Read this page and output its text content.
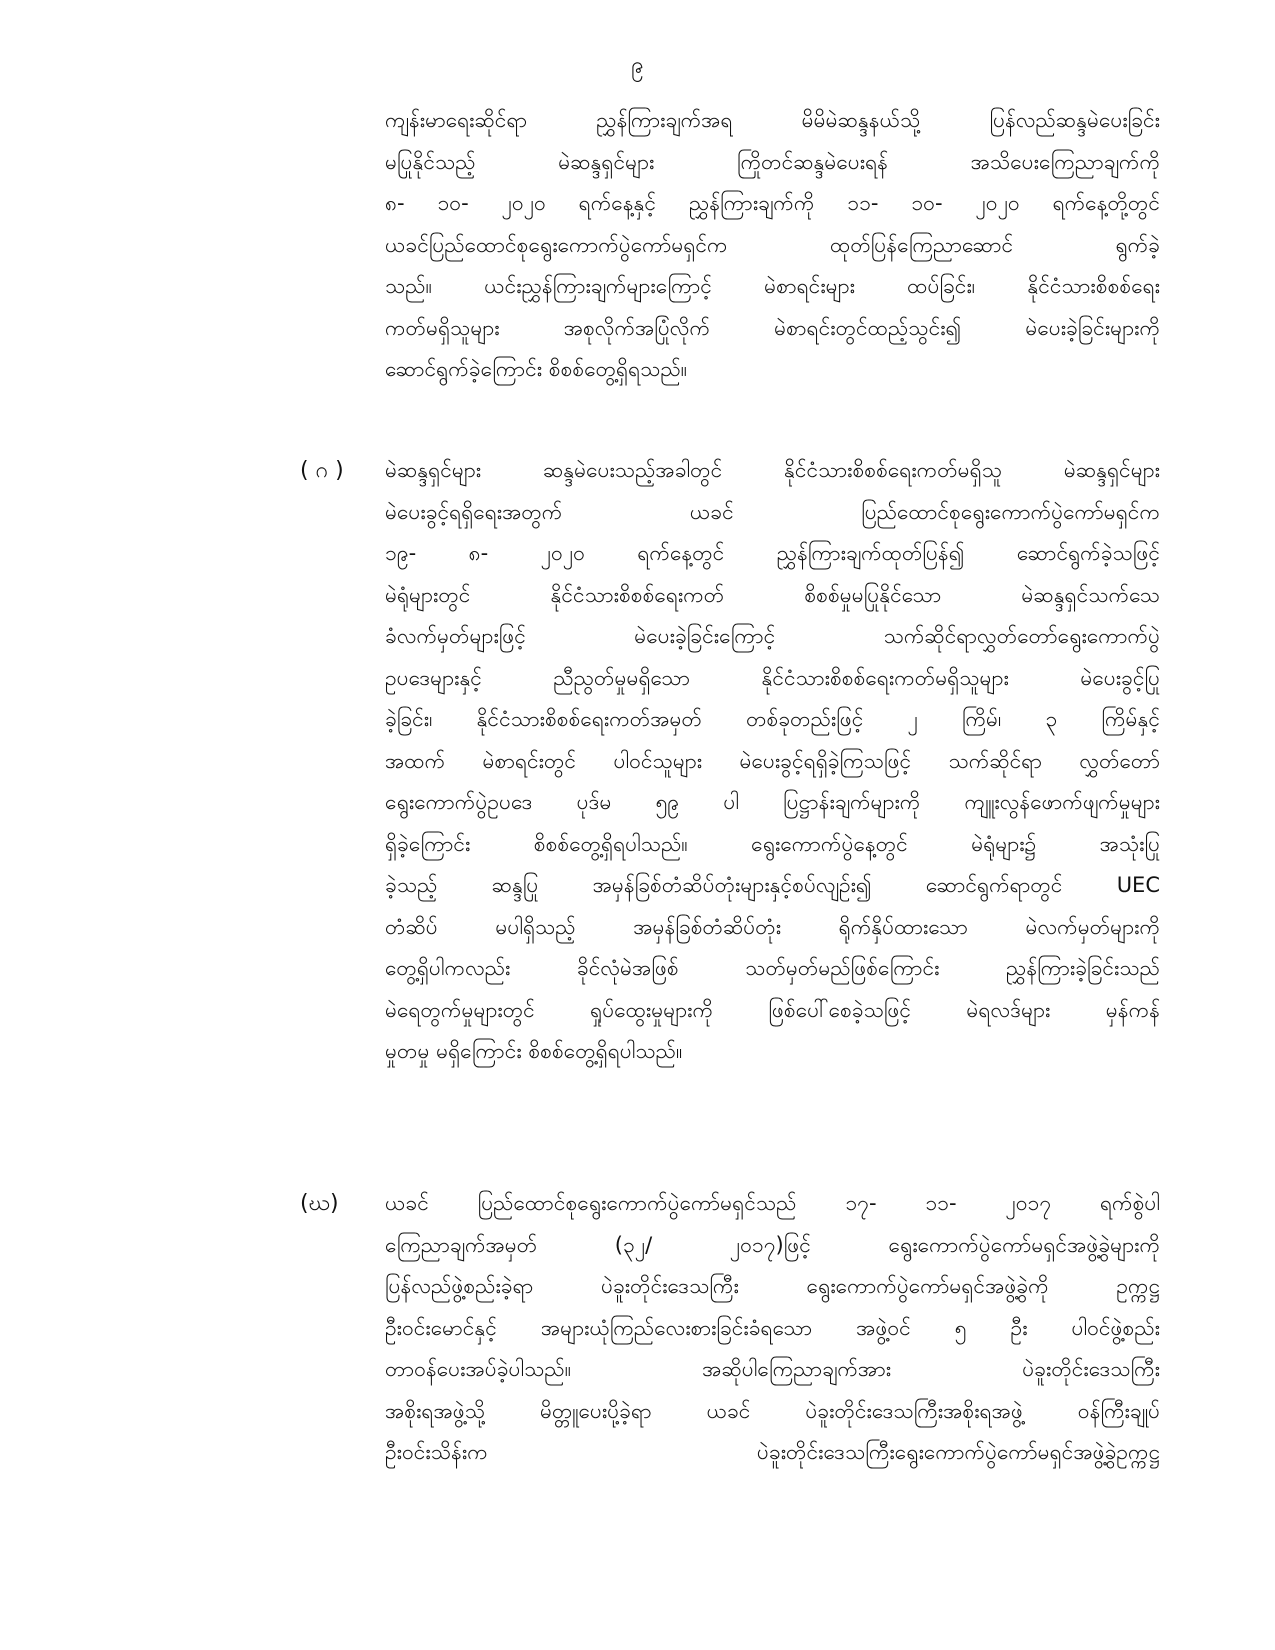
၉
ကျန်းမာရေးဆိုင်ရာ ညွှန်ကြားချက်အရ မိမိမဲဆန္ဒနယ်သို့ ပြန်လည်ဆန္ဒမဲပေးခြင်း
မပြုနိုင်သည့် မဲဆန္ဒရှင်များ ကြိုတင်ဆန္ဒမဲပေးရန် အသိပေးကြေညာချက်ကို
၈- ၁၀- ၂၀၂၀ ရက်နေ့နှင့် ညွှန်ကြားချက်ကို ၁၁- ၁၀- ၂၀၂၀ ရက်နေ့တို့တွင်
ယခင်ပြည်ထောင်စုရွေးကောက်ပွဲကော်မရှင်က ထုတ်ပြန်ကြေညာဆောင် ရွက်ခဲ့
သည်။ ယင်းညွှန်ကြားချက်များကြောင့် မဲစာရင်းများ ထပ်ခြင်း၊ နိုင်ငံသားစိစစ်ရေး
ကတ်မရှိသူများ အစုလိုက်အပြုံလိုက် မဲစာရင်းတွင်ထည့်သွင်း၍ မဲပေးခဲ့ခြင်းများကို
ဆောင်ရွက်ခဲ့ကြောင်း စိစစ်တွေ့ရှိရသည်။
( ဂ ) မဲဆန္ဒရှင်များ ဆန္ဒမဲပေးသည့်အခါတွင် နိုင်ငံသားစိစစ်ရေးကတ်မရှိသူ မဲဆန္ဒရှင်များ
မဲပေးခွင့်ရရှိရေးအတွက် ယခင် ပြည်ထောင်စုရွေးကောက်ပွဲကော်မရှင်က
၁၉- ၈- ၂၀၂၀ ရက်နေ့တွင် ညွှန်ကြားချက်ထုတ်ပြန်၍ ဆောင်ရွက်ခဲ့သဖြင့်
မဲရုံများတွင် နိုင်ငံသားစိစစ်ရေးကတ် စိစစ်မှုမပြုနိုင်သော မဲဆန္ဒရှင်သက်သေ
ခံလက်မှတ်များဖြင့် မဲပေးခဲ့ခြင်းကြောင့် သက်ဆိုင်ရာလွှတ်တော်ရွေးကောက်ပွဲ
ဥပဒေများနှင့် ညီညွတ်မှုမရှိသော နိုင်ငံသားစိစစ်ရေးကတ်မရှိသူများ မဲပေးခွင့်ပြု
ခဲ့ခြင်း၊ နိုင်ငံသားစိစစ်ရေးကတ်အမှတ် တစ်ခုတည်းဖြင့် ၂ ကြိမ်၊ ၃ ကြိမ်နှင့်
အထက် မဲစာရင်းတွင် ပါဝင်သူများ မဲပေးခွင့်ရရှိခဲ့ကြသဖြင့် သက်ဆိုင်ရာ လွှတ်တော်
ရွေးကောက်ပွဲဥပဒေ ပုဒ်မ ၅၉ ပါ ပြဋ္ဌာန်းချက်များကို ကျူးလွန်ဖောက်ဖျက်မှုများ
ရှိခဲ့ကြောင်း စိစစ်တွေ့ရှိရပါသည်။ ရွေးကောက်ပွဲနေ့တွင် မဲရုံများ၌ အသုံးပြု
ခဲ့သည့် ဆန္ဒပြု အမှန်ခြစ်တံဆိပ်တုံးများနှင့်စပ်လျဉ်း၍ ဆောင်ရွက်ရာတွင် UEC
တံဆိပ် မပါရှိသည့် အမှန်ခြစ်တံဆိပ်တုံး ရိုက်နှိပ်ထားသော မဲလက်မှတ်များကို
တွေ့ရှိပါကလည်း ခိုင်လုံမဲအဖြစ် သတ်မှတ်မည်ဖြစ်ကြောင်း ညွှန်ကြားခဲ့ခြင်းသည်
မဲရေတွက်မှုများတွင် ရှုပ်ထွေးမှုများကို ဖြစ်ပေါ်စေခဲ့သဖြင့် မဲရလဒ်များ မှန်ကန်
မှုတမှု မရှိကြောင်း စိစစ်တွေ့ရှိရပါသည်။
(ဃ) ယခင် ပြည်ထောင်စုရွေးကောက်ပွဲကော်မရှင်သည် ၁၇- ၁၁- ၂၀၁၇ ရက်စွဲပါ
ကြေညာချက်အမှတ် (၃၂/ ၂၀၁၇)ဖြင့် ရွေးကောက်ပွဲကော်မရှင်အဖွဲ့ခွဲများကို
ပြန်လည်ဖွဲ့စည်းခဲ့ရာ ပဲခူးတိုင်းဒေသကြီး ရွေးကောက်ပွဲကော်မရှင်အဖွဲ့ခွဲကို ဥက္ကဋ္ဌ
ဦးဝင်းမောင်နှင့် အများယုံကြည်လေးစားခြင်းခံရသော အဖွဲ့ဝင် ၅ ဦး ပါဝင်ဖွဲ့စည်း
တာဝန်ပေးအပ်ခဲ့ပါသည်။ အဆိုပါကြေညာချက်အား ပဲခူးတိုင်းဒေသကြီး
အစိုးရအဖွဲ့သို့ မိတ္တူပေးပို့ခဲ့ရာ ယခင် ပဲခူးတိုင်းဒေသကြီးအစိုးရအဖွဲ့ ဝန်ကြီးချုပ်
ဦးဝင်းသိန်းက ပဲခူးတိုင်းဒေသကြီးရွေးကောက်ပွဲကော်မရှင်အဖွဲ့ခွဲဥက္ကဋ္ဌ
